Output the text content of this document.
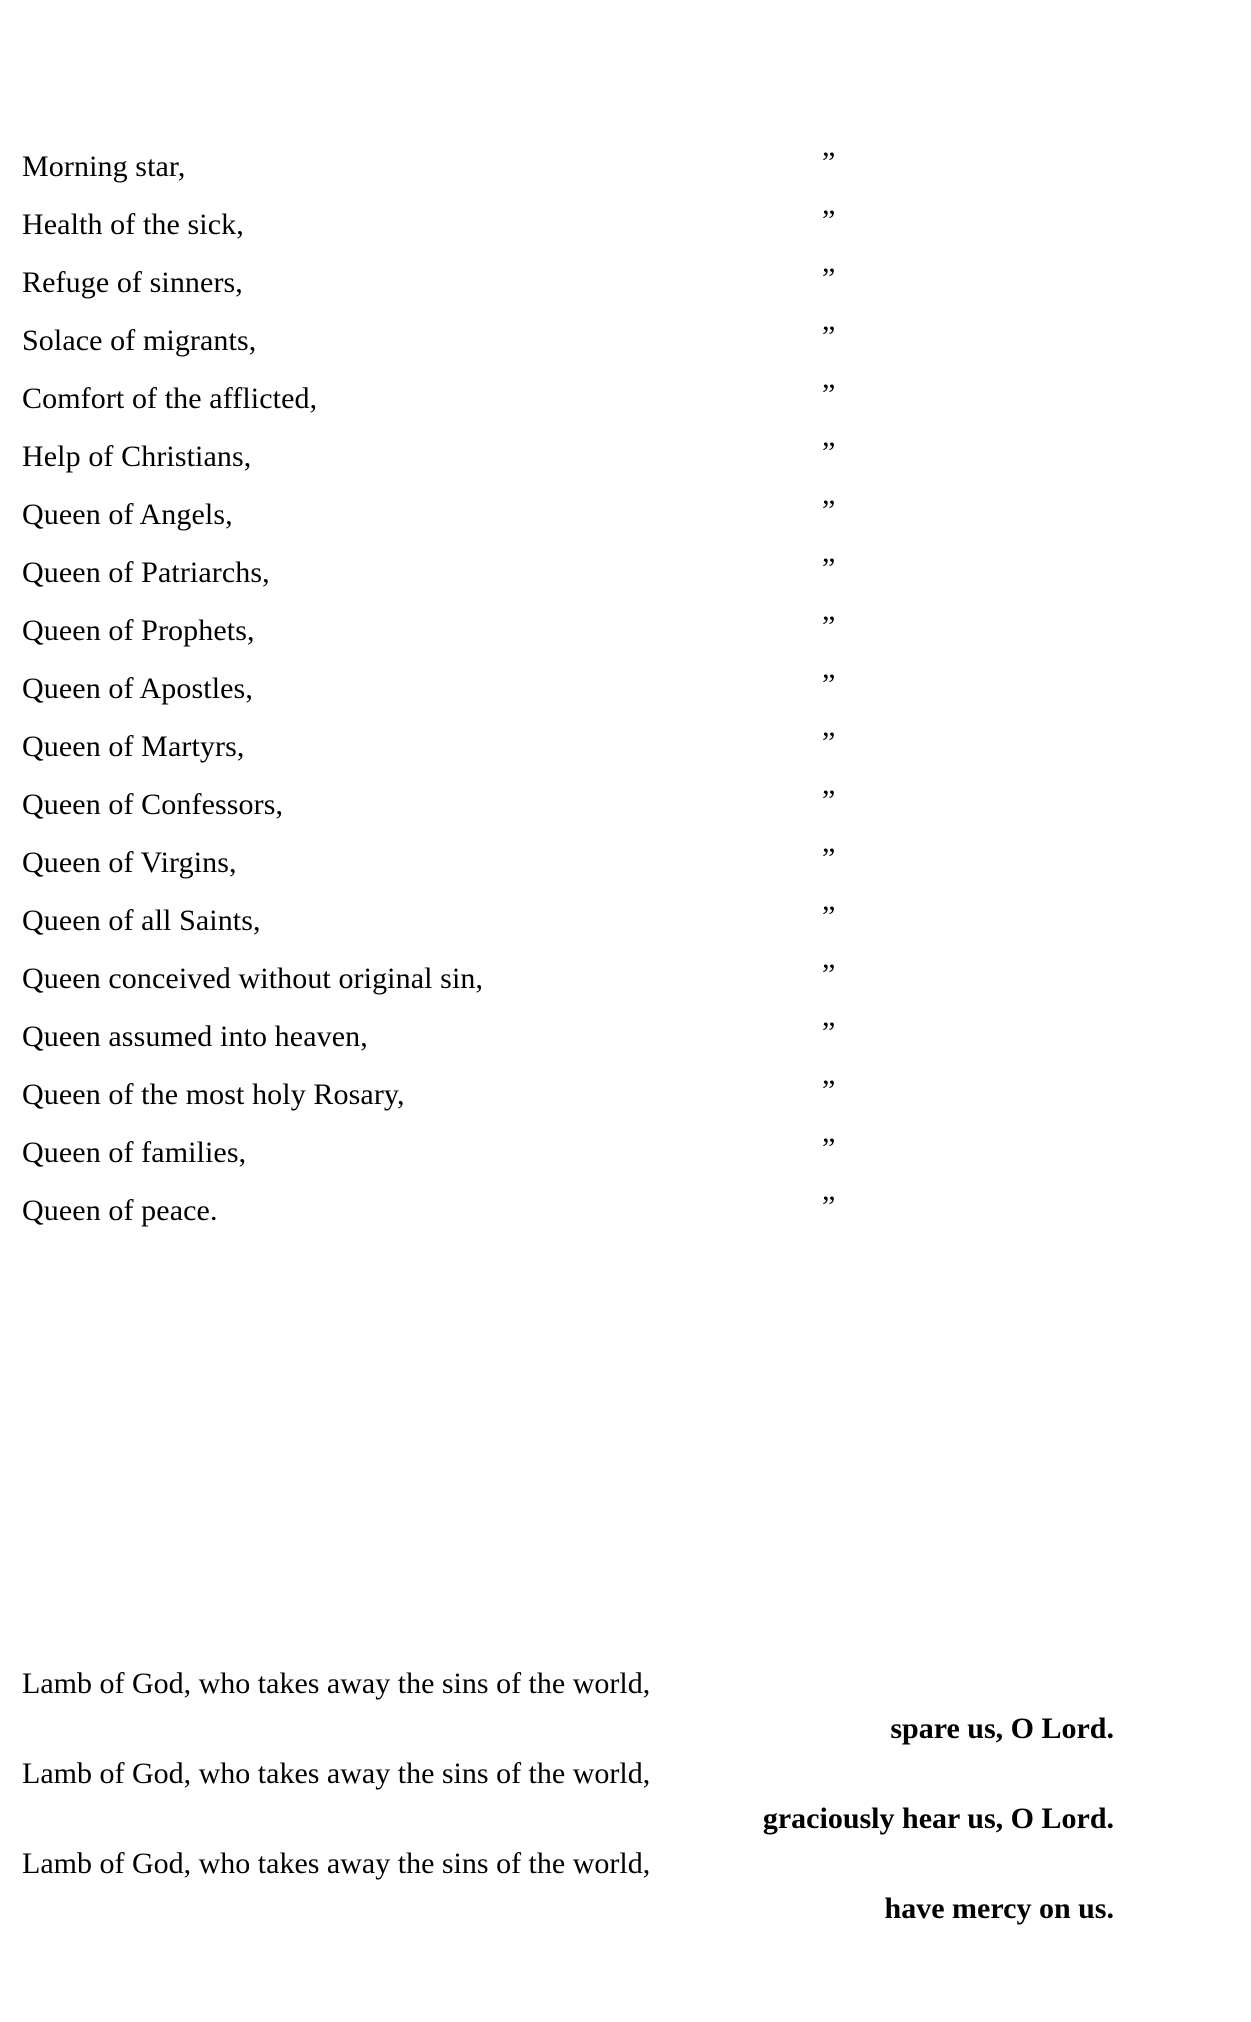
Morning star,	”
Health of the sick,	”
Refuge of sinners,	”
Solace of migrants,	”
Comfort of the afflicted,	”
Help of Christians,	”
Queen of Angels,	”
Queen of Patriarchs,	”
Queen of Prophets,	”
Queen of Apostles,	”
Queen of Martyrs,	”
Queen of Confessors,	”
Queen of Virgins,	”
Queen of all Saints,	”
Queen conceived without original sin,	”
Queen assumed into heaven,	”
Queen of the most holy Rosary,	”
Queen of families,	”
Queen of peace.	”
Lamb of God, who takes away the sins of the world,
spare us, O Lord.
Lamb of God, who takes away the sins of the world,
graciously hear us, O Lord.
Lamb of God, who takes away the sins of the world,
have mercy on us.
